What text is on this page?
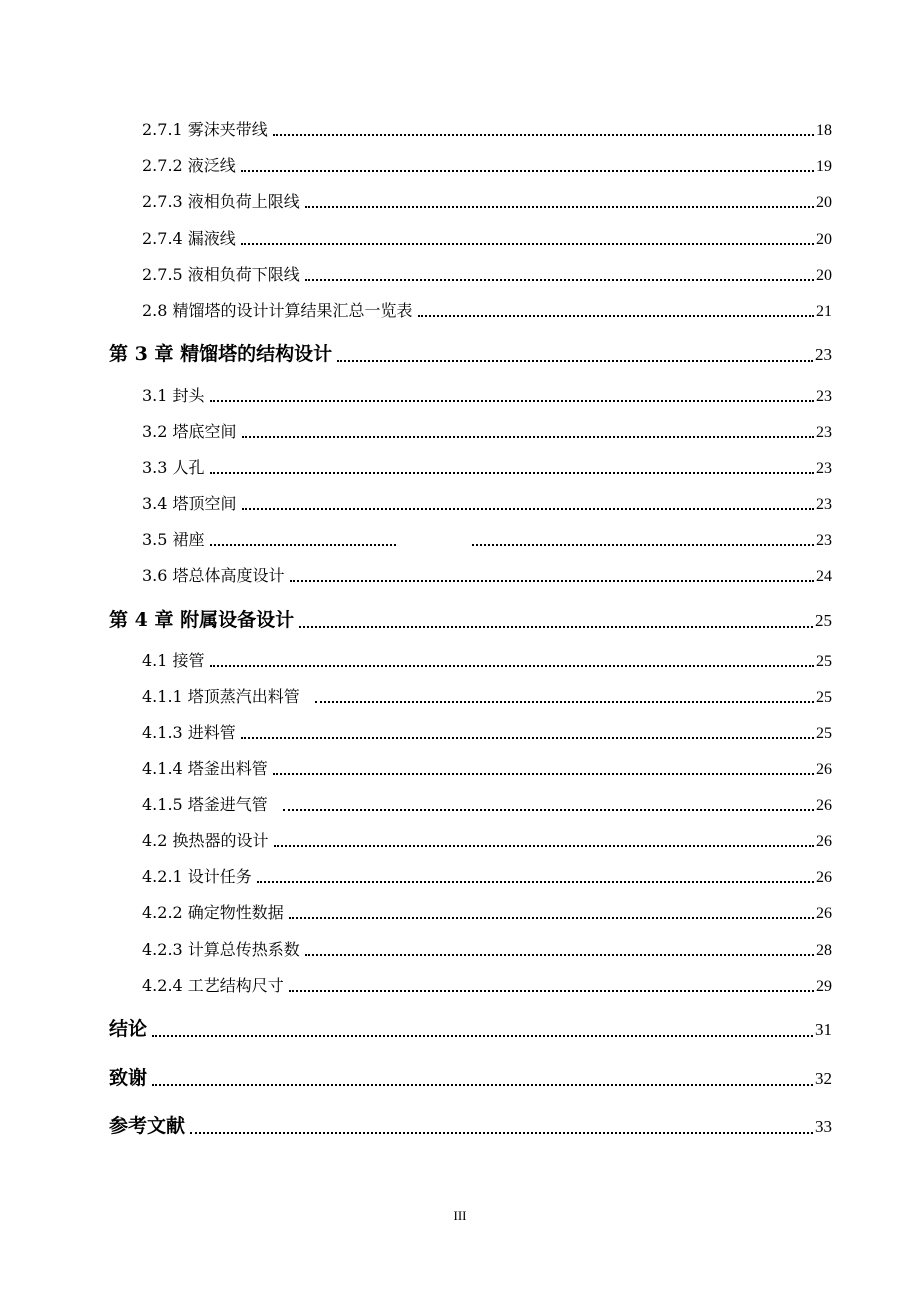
2.7.1 雾沫夹带线	18
2.7.2 液泛线	19
2.7.3 液相负荷上限线	20
2.7.4 漏液线	20
2.7.5 液相负荷下限线	20
2.8 精馏塔的设计计算结果汇总一览表	21
第 3 章 精馏塔的结构设计	23
3.1 封头	23
3.2 塔底空间	23
3.3 人孔	23
3.4 塔顶空间	23
3.5 裙座	23
3.6 塔总体高度设计	24
第 4 章 附属设备设计	25
4.1 接管	25
4.1.1 塔顶蒸汽出料管	25
4.1.3 进料管	25
4.1.4 塔釜出料管	26
4.1.5 塔釜进气管	26
4.2 换热器的设计	26
4.2.1 设计任务	26
4.2.2 确定物性数据	26
4.2.3 计算总传热系数	28
4.2.4 工艺结构尺寸	29
结论	31
致谢	32
参考文献	33
III
